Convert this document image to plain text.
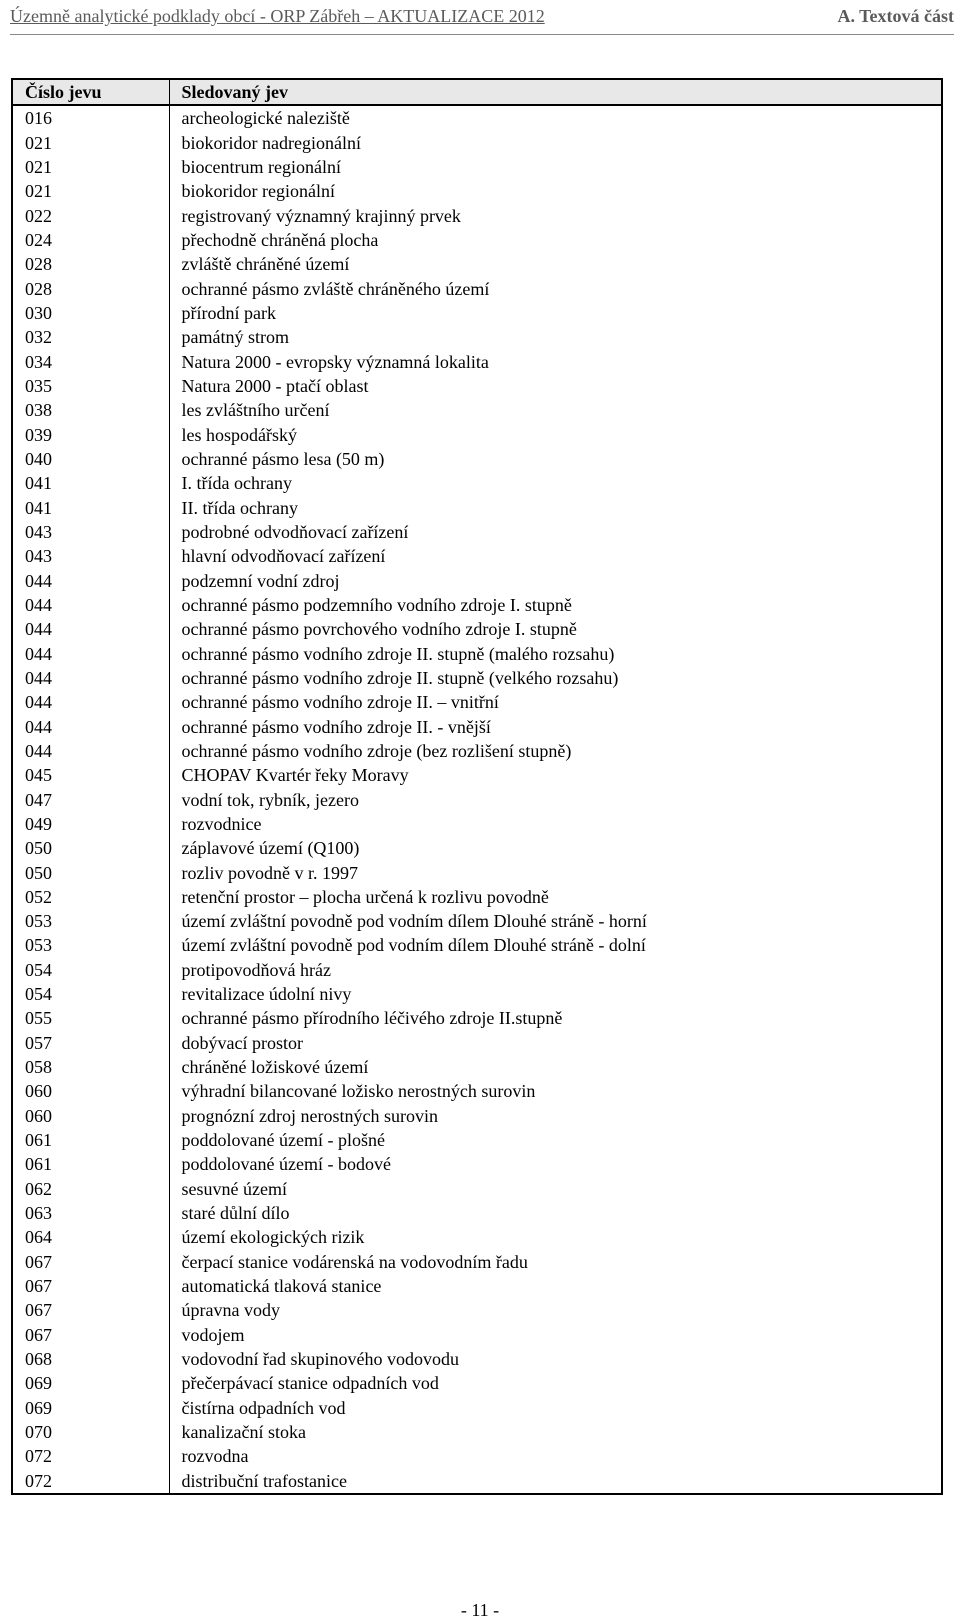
Územně analytické podklady obcí - ORP Zábřeh – AKTUALIZACE 2012	A. Textová část
Číslo jevu	Sledovaný jev
016	archeologické naleziště
021	biokoridor nadregionální
021	biocentrum regionální
021	biokoridor regionální
022	registrovaný významný krajinný prvek
024	přechodně chráněná plocha
028	zvláště chráněné území
028	ochranné pásmo zvláště chráněného území
030	přírodní park
032	památný strom
034	Natura 2000 - evropsky významná lokalita
035	Natura 2000 - ptačí oblast
038	les zvláštního určení
039	les hospodářský
040	ochranné pásmo lesa (50 m)
041	I. třída ochrany
041	II. třída ochrany
043	podrobné odvodňovací zařízení
043	hlavní odvodňovací zařízení
044	podzemní vodní zdroj
044	ochranné pásmo podzemního vodního zdroje I. stupně
044	ochranné pásmo povrchového vodního zdroje I. stupně
044	ochranné pásmo vodního zdroje II. stupně (malého rozsahu)
044	ochranné pásmo vodního zdroje II. stupně (velkého rozsahu)
044	ochranné pásmo vodního zdroje II. – vnitřní
044	ochranné pásmo vodního zdroje II. - vnější
044	ochranné pásmo vodního zdroje (bez rozlišení stupně)
045	CHOPAV Kvartér řeky Moravy
047	vodní tok, rybník, jezero
049	rozvodnice
050	záplavové území (Q100)
050	rozliv povodně v r. 1997
052	retenční prostor – plocha určená k rozlivu povodně
053	území zvláštní povodně pod vodním dílem Dlouhé stráně - horní
053	území zvláštní povodně pod vodním dílem Dlouhé stráně - dolní
054	protipovodňová hráz
054	revitalizace údolní nivy
055	ochranné pásmo přírodního léčivého zdroje II.stupně
057	dobývací prostor
058	chráněné ložiskové území
060	výhradní bilancované ložisko nerostných surovin
060	prognózní zdroj nerostných surovin
061	poddolované území - plošné
061	poddolované území - bodové
062	sesuvné území
063	staré důlní dílo
064	území ekologických rizik
067	čerpací stanice vodárenská na vodovodním řadu
067	automatická tlaková stanice
067	úpravna vody
067	vodojem
068	vodovodní řad skupinového vodovodu
069	přečerpávací stanice odpadních vod
069	čistírna odpadních vod
070	kanalizační stoka
072	rozvodna
072	distribuční trafostanice
- 11 -
